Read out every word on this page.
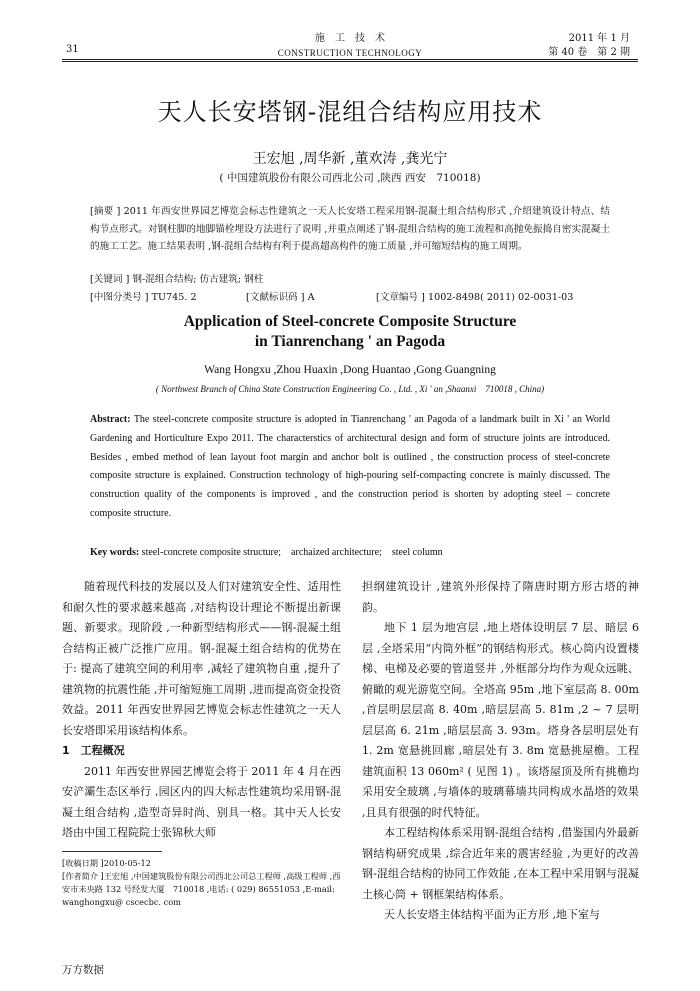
31
施　工　技　术
CONSTRUCTION TECHNOLOGY
2011 年 1 月
第 40 卷　第 2 期
天人长安塔钢-混组合结构应用技术
王宏旭 ,周华新 ,董欢涛 ,龚光宁
( 中国建筑股份有限公司西北公司 ,陕西 西安　710018)
[摘要 ] 2011 年西安世界园艺博览会标志性建筑之一天人长安塔工程采用钢-混凝土组合结构形式 ,介绍建筑设计特点、结构节点形式。对钢柱脚的地脚锚栓埋设方法进行了说明 ,并重点阐述了钢-混组合结构的施工流程和高抛免振捣自密实混凝土的施工工艺。施工结果表明 ,钢-混组合结构有利于提高超高构件的施工质量 ,并可缩短结构的施工周期。
[关键词 ] 钢-混组合结构; 仿古建筑; 钢柱
[中图分类号 ] TU745. 2	[文献标识码 ] A	[文章编号 ] 1002-8498( 2011) 02-0031-03
Application of Steel-concrete Composite Structure
in Tianrenchang ' an Pagoda
Wang Hongxu ,Zhou Huaxin ,Dong Huantao ,Gong Guangning
( Northwest Branch of China State Construction Engineering Co. , Ltd. , Xi ' an ,Shaanxi　710018 , China)
Abstract: The steel-concrete composite structure is adopted in Tianrenchang ' an Pagoda of a landmark built in Xi ' an World Gardening and Horticulture Expo 2011. The characterstics of architectural design and form of structure joints are introduced. Besides , embed method of lean layout foot margin and anchor bolt is outlined , the construction process of steel-concrete composite structure is explained. Construction technology of high-pouring self-compacting concrete is mainly discussed. The construction quality of the components is improved , and the construction period is shorten by adopting steel – concrete composite structure.
Key words: steel-concrete composite structure;　archaized architecture;　steel column

随着现代科技的发展以及人们对建筑安全性、适用性和耐久性的要求越来越高 ,对结构设计理论不断提出新课题、新要求。现阶段 ,一种新型结构形式——钢-混凝土组合结构正被广泛推广应用。钢-混凝土组合结构的优势在于: 提高了建筑空间的利用率 ,减轻了建筑物自重 ,提升了建筑物的抗震性能 ,并可缩短施工周期 ,进而提高资金投资效益。2011 年西安世界园艺博览会标志性建筑之一天人长安塔即采用该结构体系。

1　工程概况

2011 年西安世界园艺博览会将于 2011 年 4 月在西安浐灞生态区举行 ,园区内的四大标志性建筑均采用钢-混凝土组合结构 ,造型奇异时尚、别具一格。其中天人长安塔由中国工程院院士张锦秋大师

担纲建筑设计 ,建筑外形保持了隋唐时期方形古塔的神韵。

地下 1 层为地宫层 ,地上塔体设明层 7 层、暗层 6 层 ,全塔采用“内筒外框”的钢结构形式。核心筒内设置楼梯、电梯及必要的管道竖井 ,外框部分均作为观众远眺、俯瞰的观光游览空间。全塔高 95m ,地下室层高 8. 00m ,首层明层层高 8. 40m ,暗层层高 5. 81m ,2 ~ 7 层明层层高 6. 21m ,暗层层高 3. 93m。塔身各层明层处有 1. 2m 宽悬挑回廊 ,暗层处有 3. 8m 宽悬挑屋檐。工程建筑面积 13 060m² ( 见图 1) 。该塔屋顶及所有挑檐均采用安全玻璃 ,与墙体的玻璃幕墙共同构成水晶塔的效果 ,且具有很强的时代特征。

本工程结构体系采用钢-混组合结构 ,借鉴国内外最新钢结构研究成果 ,综合近年来的震害经验 ,为更好的改善钢-混组合结构的协同工作效能 ,在本工程中采用钢与混凝土核心筒 + 钢框架结构体系。

天人长安塔主体结构平面为正方形 ,地下室与

[收稿日期 ]2010-05-12
[作者简介 ]王宏旭 ,中国建筑股份有限公司西北公司总工程师 ,高级工程师 ,西安市未央路 132 号经发大厦　710018 ,电话: ( 029) 86551053 ,E-mail: wanghongxu@ cscecbc. com
万方数据
